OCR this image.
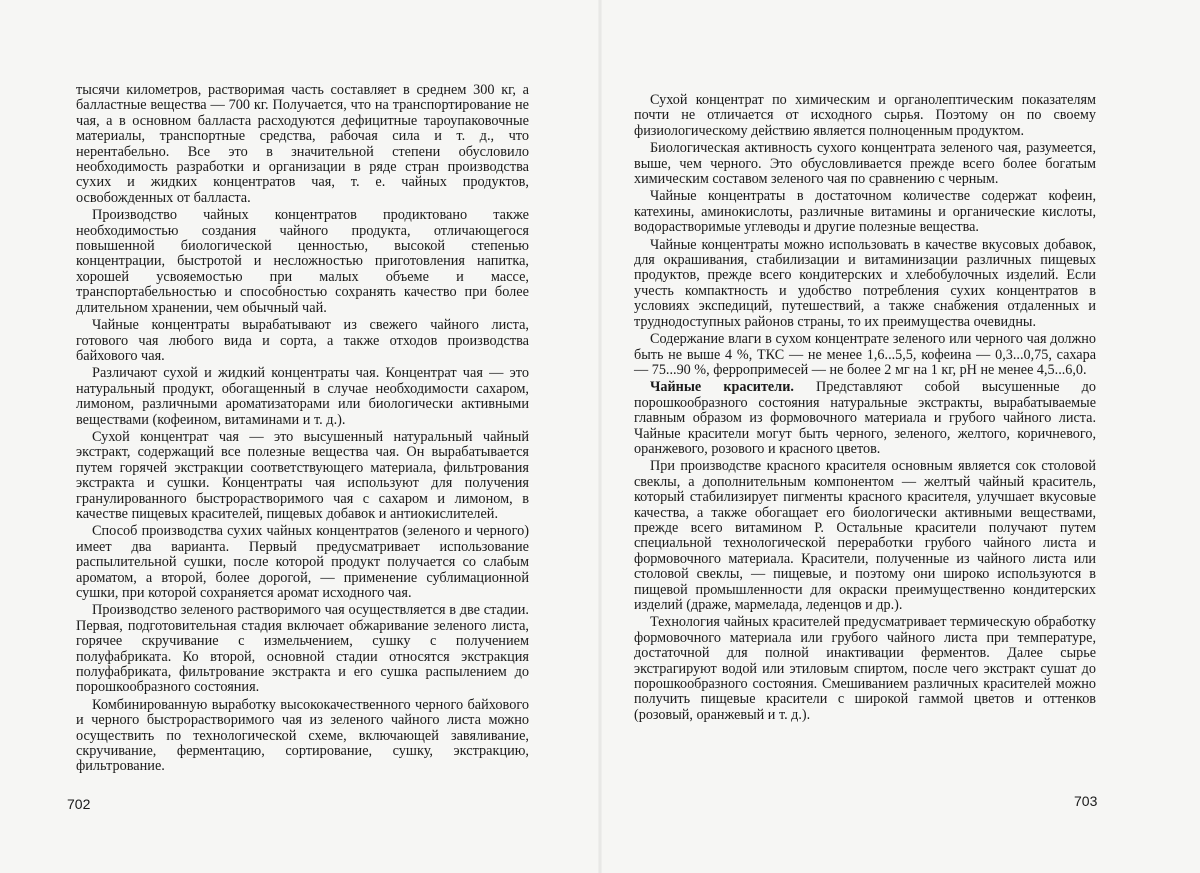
тысячи километров, растворимая часть составляет в среднем 300 кг, а балластные вещества — 700 кг. Получается, что на транспортирование не чая, а в основном балласта расходуются дефицитные тароупаковочные материалы, транспортные средства, рабочая сила и т. д., что нерентабельно. Все это в значительной степени обусловило необходимость разработки и организации в ряде стран производства сухих и жидких концентратов чая, т. е. чайных продуктов, освобожденных от балласта.

Производство чайных концентратов продиктовано также необходимостью создания чайного продукта, отличающегося повышенной биологической ценностью, высокой степенью концентрации, быстротой и несложностью приготовления напитка, хорошей усвояемостью при малых объеме и массе, транспортабельностью и способностью сохранять качество при более длительном хранении, чем обычный чай.

Чайные концентраты вырабатывают из свежего чайного листа, готового чая любого вида и сорта, а также отходов производства байхового чая.

Различают сухой и жидкий концентраты чая. Концентрат чая — это натуральный продукт, обогащенный в случае необходимости сахаром, лимоном, различными ароматизаторами или биологически активными веществами (кофеином, витаминами и т. д.).

Сухой концентрат чая — это высушенный натуральный чайный экстракт, содержащий все полезные вещества чая. Он вырабатывается путем горячей экстракции соответствующего материала, фильтрования экстракта и сушки. Концентраты чая используют для получения гранулированного быстрорастворимого чая с сахаром и лимоном, в качестве пищевых красителей, пищевых добавок и антиокислителей.

Способ производства сухих чайных концентратов (зеленого и черного) имеет два варианта. Первый предусматривает использование распылительной сушки, после которой продукт получается со слабым ароматом, а второй, более дорогой, — применение сублимационной сушки, при которой сохраняется аромат исходного чая.

Производство зеленого растворимого чая осуществляется в две стадии. Первая, подготовительная стадия включает обжаривание зеленого листа, горячее скручивание с измельчением, сушку с получением полуфабриката. Ко второй, основной стадии относятся экстракция полуфабриката, фильтрование экстракта и его сушка распылением до порошкообразного состояния.

Комбинированную выработку высококачественного черного байхового и черного быстрорастворимого чая из зеленого чайного листа можно осуществить по технологической схеме, включающей завяливание, скручивание, ферментацию, сортирование, сушку, экстракцию, фильтрование.

702

Сухой концентрат по химическим и органолептическим показателям почти не отличается от исходного сырья. Поэтому он по своему физиологическому действию является полноценным продуктом.

Биологическая активность сухого концентрата зеленого чая, разумеется, выше, чем черного. Это обусловливается прежде всего более богатым химическим составом зеленого чая по сравнению с черным.

Чайные концентраты в достаточном количестве содержат кофеин, катехины, аминокислоты, различные витамины и органические кислоты, водорастворимые углеводы и другие полезные вещества.

Чайные концентраты можно использовать в качестве вкусовых добавок, для окрашивания, стабилизации и витаминизации различных пищевых продуктов, прежде всего кондитерских и хлебобулочных изделий. Если учесть компактность и удобство потребления сухих концентратов в условиях экспедиций, путешествий, а также снабжения отдаленных и труднодоступных районов страны, то их преимущества очевидны.

Содержание влаги в сухом концентрате зеленого или черного чая должно быть не выше 4 %, ТКС — не менее 1,6...5,5, кофеина — 0,3...0,75, сахара — 75...90 %, ферропримесей — не более 2 мг на 1 кг, рН не менее 4,5...6,0.

Чайные красители. Представляют собой высушенные до порошкообразного состояния натуральные экстракты, вырабатываемые главным образом из формовочного материала и грубого чайного листа. Чайные красители могут быть черного, зеленого, желтого, коричневого, оранжевого, розового и красного цветов.

При производстве красного красителя основным является сок столовой свеклы, а дополнительным компонентом — желтый чайный краситель, который стабилизирует пигменты красного красителя, улучшает вкусовые качества, а также обогащает его биологически активными веществами, прежде всего витамином Р. Остальные красители получают путем специальной технологической переработки грубого чайного листа и формовочного материала. Красители, полученные из чайного листа или столовой свеклы, — пищевые, и поэтому они широко используются в пищевой промышленности для окраски преимущественно кондитерских изделий (драже, мармелада, леденцов и др.).

Технология чайных красителей предусматривает термическую обработку формовочного материала или грубого чайного листа при температуре, достаточной для полной инактивации ферментов. Далее сырье экстрагируют водой или этиловым спиртом, после чего экстракт сушат до порошкообразного состояния. Смешиванием различных красителей можно получить пищевые красители с широкой гаммой цветов и оттенков (розовый, оранжевый и т. д.).

703
